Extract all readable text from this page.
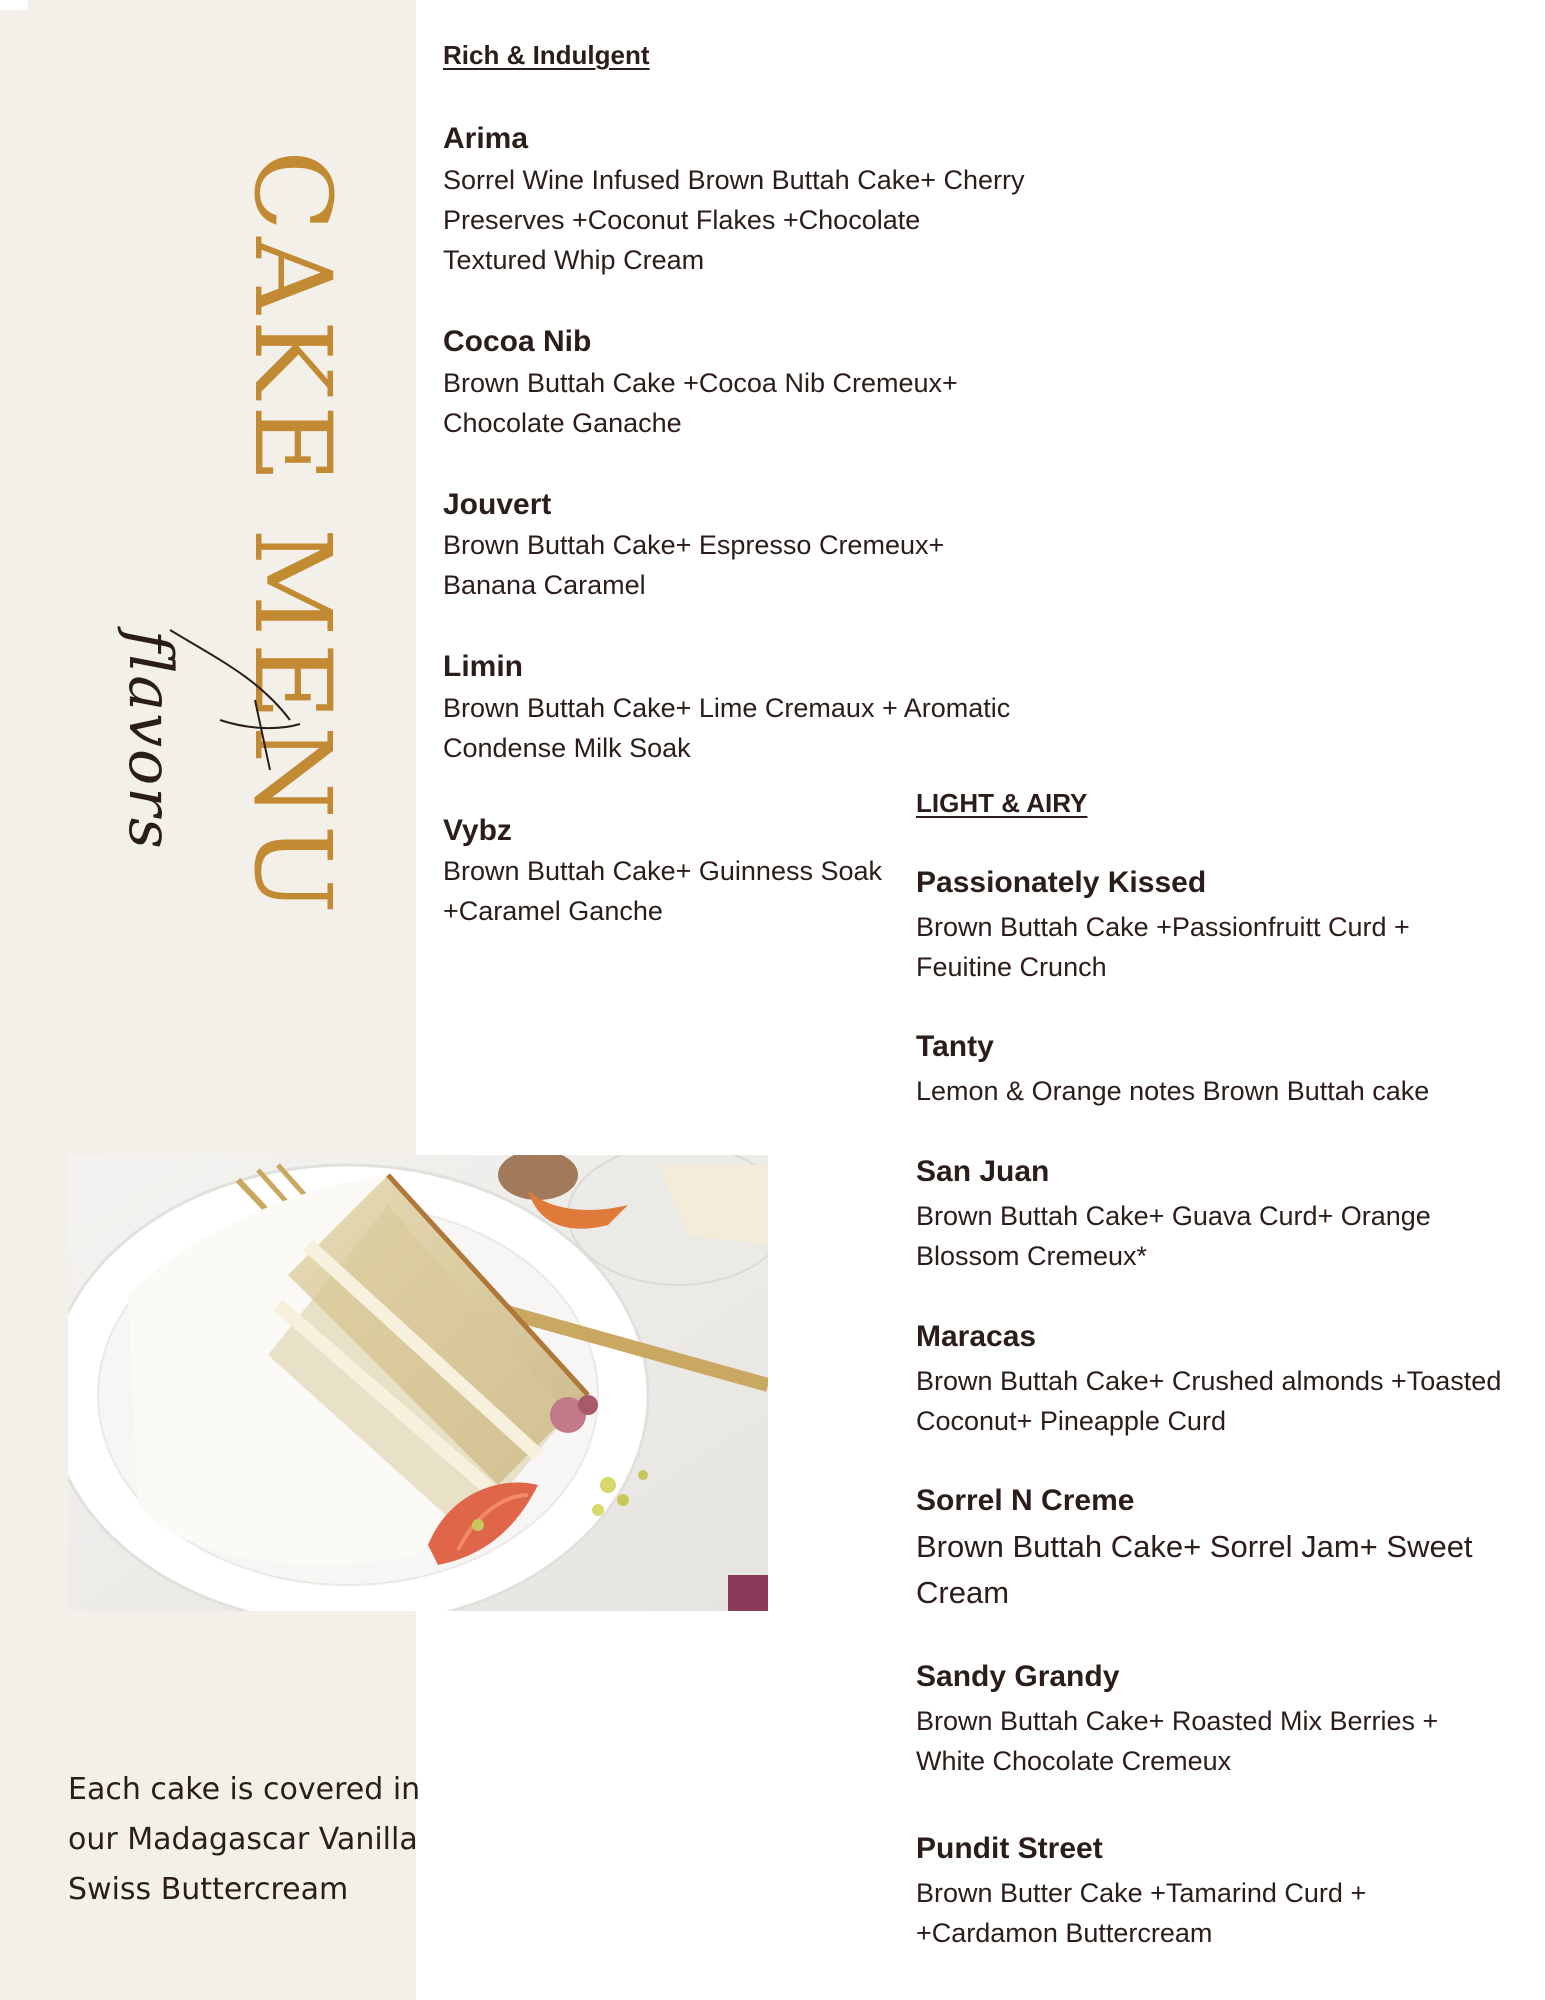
CAKE MENU
flavors
Rich & Indulgent
Arima
Sorrel Wine Infused Brown Buttah Cake+ Cherry
Preserves +Coconut Flakes +Chocolate
Textured Whip Cream
Cocoa Nib
Brown Buttah Cake +Cocoa Nib Cremeux+
Chocolate Ganache
Jouvert
Brown Buttah Cake+ Espresso Cremeux+
Banana Caramel
Limin
Brown Buttah Cake+ Lime Cremaux + Aromatic
Condense Milk Soak
Vybz
Brown Buttah Cake+ Guinness Soak
+Caramel Ganche
LIGHT & AIRY
Passionately Kissed
Brown Buttah Cake +Passionfruitt Curd +
Feuitine Crunch
Tanty
Lemon & Orange notes Brown Buttah cake
San Juan
Brown Buttah Cake+ Guava Curd+ Orange
Blossom Cremeux*
Maracas
Brown Buttah Cake+ Crushed almonds +Toasted
Coconut+ Pineapple Curd
Sorrel N Creme
Brown Buttah Cake+ Sorrel Jam+ Sweet
Cream
Sandy Grandy
Brown Buttah Cake+ Roasted Mix Berries +
White Chocolate Cremeux
Pundit Street
Brown Butter Cake +Tamarind Curd +
+Cardamon Buttercream
Each cake is covered in
our Madagascar Vanilla
Swiss Buttercream
